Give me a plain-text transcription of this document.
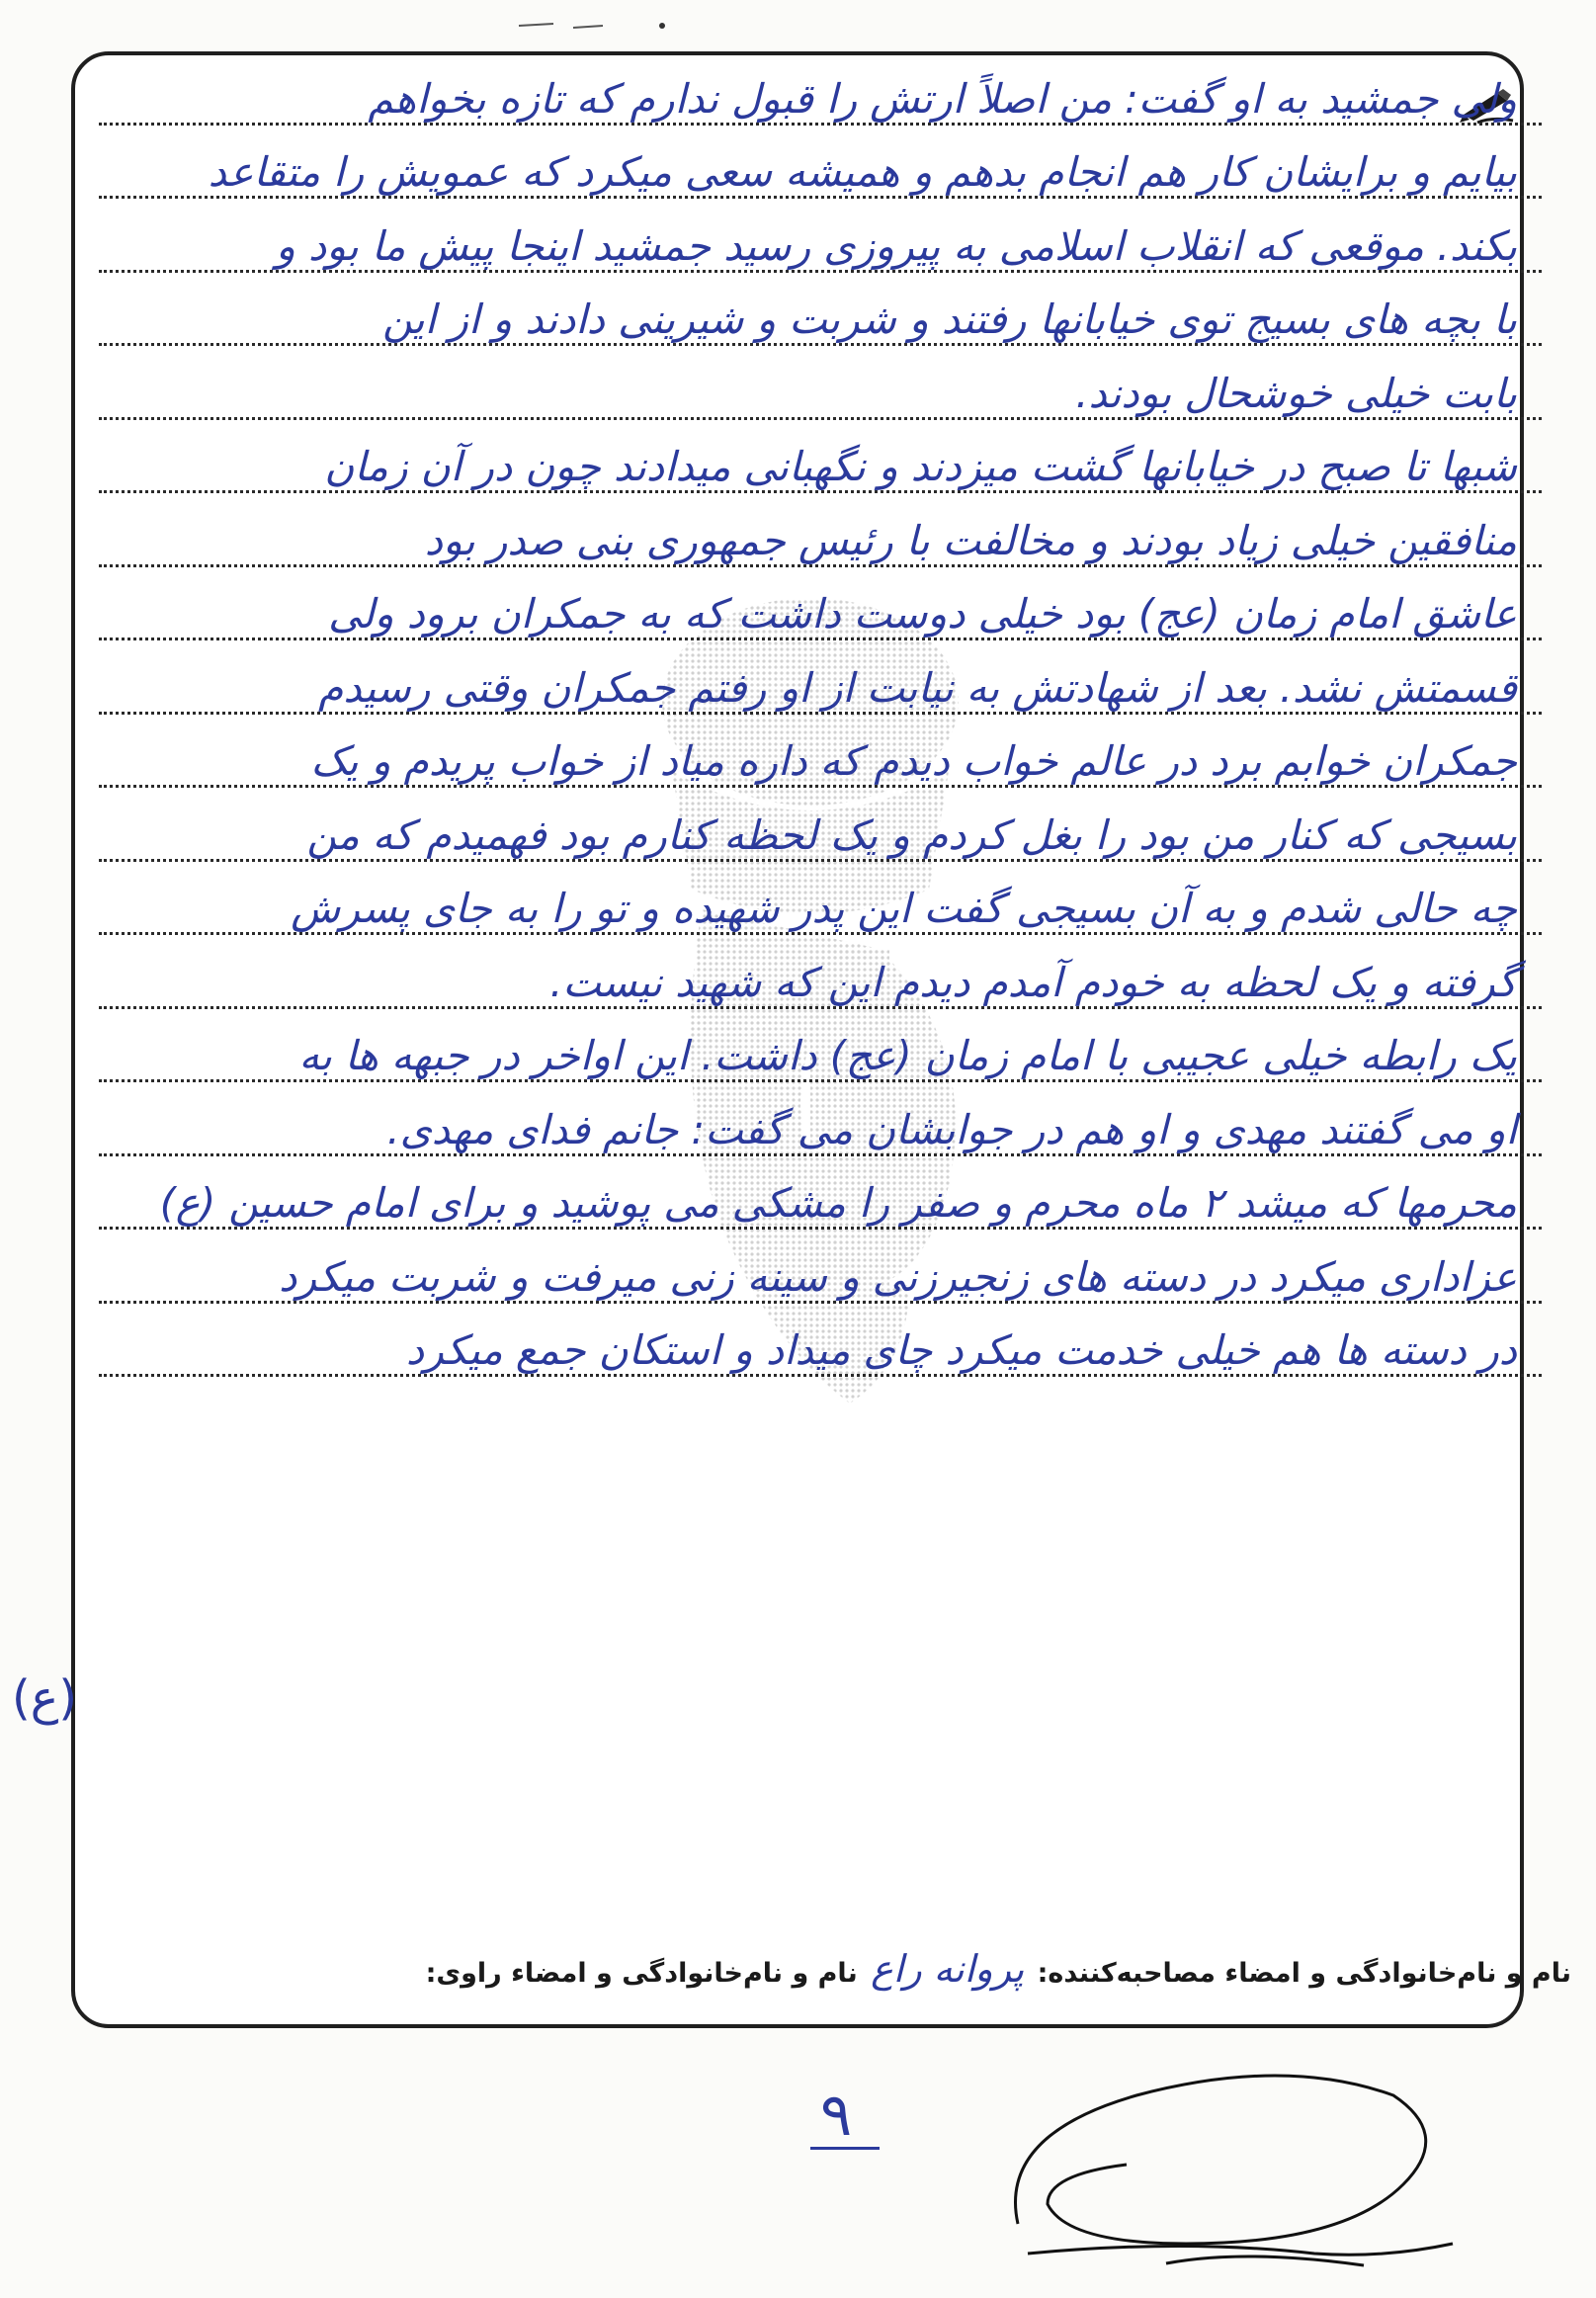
ولی جمشید به او گفت: من اصلاً ارتش را قبول ندارم که تازه بخواهم
بیایم و برایشان کار هم انجام بدهم و همیشه سعی میکرد که عمویش را متقاعد
بکند. موقعی که انقلاب اسلامی به پیروزی رسید جمشید اینجا پیش ما بود و
با بچه های بسیج توی خیابانها رفتند و شربت و شیرینی دادند و از این
بابت خیلی خوشحال بودند.
شبها تا صبح در خیابانها گشت میزدند و نگهبانی میدادند چون در آن زمان
منافقین خیلی زیاد بودند و مخالفت با رئیس جمهوری بنی صدر بود
عاشق امام زمان (عج) بود خیلی دوست داشت که به جمکران برود ولی
قسمتش نشد. بعد از شهادتش به نیابت از او رفتم جمکران وقتی رسیدم
جمکران خوابم برد در عالم خواب دیدم که داره میاد از خواب پریدم و یک
بسیجی که کنار من بود را بغل کردم و یک لحظه کنارم بود فهمیدم که من
چه حالی شدم و به آن بسیجی گفت این پدر شهیده و تو را به جای پسرش
گرفته و یک لحظه به خودم آمدم دیدم این که شهید نیست.
یک رابطه خیلی عجیبی با امام زمان (عج) داشت. این اواخر در جبهه ها به
او می گفتند مهدی و او هم در جوابشان می گفت: جانم فدای مهدی.
محرمها که میشد ۲ ماه محرم و صفر را مشکی می پوشید و برای امام حسین (ع)
عزاداری میکرد در دسته های زنجیرزنی و سینه زنی میرفت و شربت میکرد
در دسته ها هم خیلی خدمت میکرد چای میداد و استکان جمع میکرد
(ع)
نام و نام‌خانوادگی و امضاء مصاحبه‌کننده: پروانه راع نام و نام‌خانوادگی و امضاء راوی:
۹
